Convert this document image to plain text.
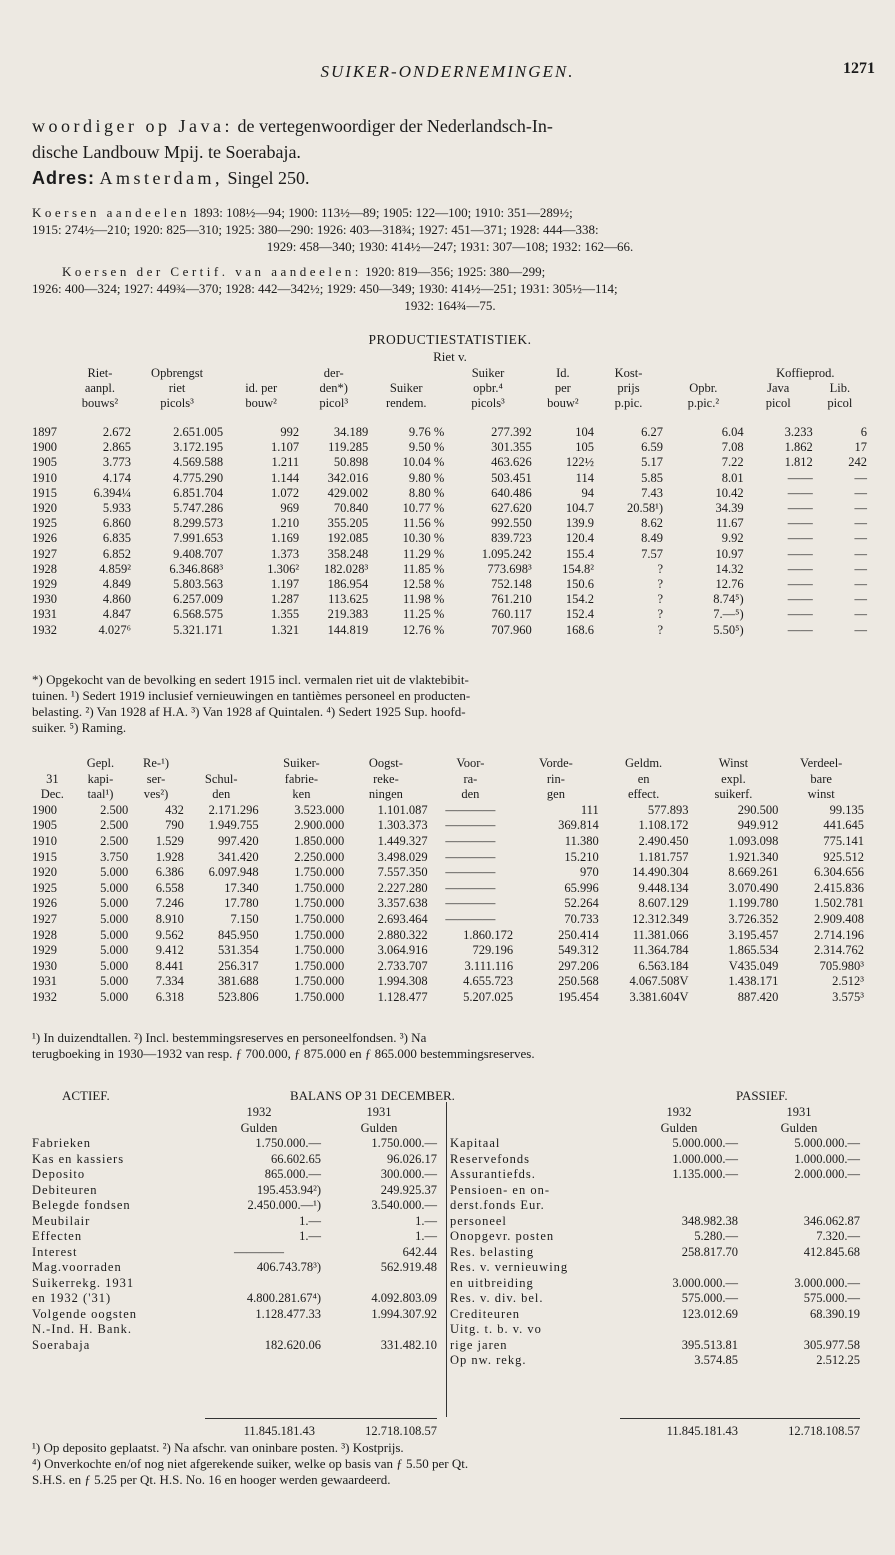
SUIKER-ONDERNEMINGEN.	1271
woordiger op Java: de vertegenwoordiger der Nederlandsch-In-
dische Landbouw Mpij. te Soerabaja.
Adres: Amsterdam, Singel 250.
Koersen aandeelen 1893: 108½—94; 1900: 113½—89; 1905: 122—100; 1910: 351—289½;
1915: 274½—210; 1920: 825—310; 1925: 380—290: 1926: 403—318¾; 1927: 451—371; 1928: 444—338:
1929: 458—340; 1930: 414½—247; 1931: 307—108; 1932: 162—66.
Koersen der Certif. van aandeelen: 1920: 819—356; 1925: 380—299;
1926: 400—324; 1927: 449¾—370; 1928: 442—342½; 1929: 450—349; 1930: 414½—251; 1931: 305½—114;
1932: 164¾—75.
PRODUCTIESTATISTIEK.
Riet v.
	Riet-	Opbrengst		der-		Suiker	Id.	Kost-		Koffieprod.	
	aanpl.	riet	id. per	den*)	Suiker	opbr.⁴	per	prijs	Opbr.	Java	Lib.
	bouws²	picols³	bouw²	picol³	rendem.	picols³	bouw²	p.pic.	p.pic.²	picol	picol
1897	2.672	2.651.005	992	34.189	9.76 %	277.392	104	6.27	6.04	3.233	6
1900	2.865	3.172.195	1.107	119.285	9.50 %	301.355	105	6.59	7.08	1.862	17
1905	3.773	4.569.588	1.211	50.898	10.04 %	463.626	122½	5.17	7.22	1.812	242
1910	4.174	4.775.290	1.144	342.016	9.80 %	503.451	114	5.85	8.01	——	—
1915	6.394¼	6.851.704	1.072	429.002	8.80 %	640.486	94	7.43	10.42	——	—
1920	5.933	5.747.286	969	70.840	10.77 %	627.620	104.7	20.58¹)	34.39	——	—
1925	6.860	8.299.573	1.210	355.205	11.56 %	992.550	139.9	8.62	11.67	——	—
1926	6.835	7.991.653	1.169	192.085	10.30 %	839.723	120.4	8.49	9.92	——	—
1927	6.852	9.408.707	1.373	358.248	11.29 %	1.095.242	155.4	7.57	10.97	——	—
1928	4.859²	6.346.868³	1.306²	182.028³	11.85 %	773.698³	154.8²	?	14.32	——	—
1929	4.849	5.803.563	1.197	186.954	12.58 %	752.148	150.6	?	12.76	——	—
1930	4.860	6.257.009	1.287	113.625	11.98 %	761.210	154.2	?	8.74⁵)	——	—
1931	4.847	6.568.575	1.355	219.383	11.25 %	760.117	152.4	?	7.—⁵)	——	—
1932	4.027⁶	5.321.171	1.321	144.819	12.76 %	707.960	168.6	?	5.50⁵)	——	—
*) Opgekocht van de bevolking en sedert 1915 incl. vermalen riet uit de vlaktebibit-
tuinen. ¹) Sedert 1919 inclusief vernieuwingen en tantièmes personeel en producten-
belasting. ²) Van 1928 af H.A. ³) Van 1928 af Quintalen. ⁴) Sedert 1925 Sup. hoofd-
suiker. ⁵) Raming.
	Gepl.	Re-¹)		Suiker-	Oogst-	Voor-	Vorde-	Geldm.	Winst	Verdeel-
31	kapi-	ser-	Schul-	fabrie-	reke-	ra-	rin-	en	expl.	bare
Dec.	taal¹)	ves²)	den	ken	ningen	den	gen	effect.	suikerf.	winst
1900	2.500	432	2.171.296	3.523.000	1.101.087	————	111	577.893	290.500	99.135
1905	2.500	790	1.949.755	2.900.000	1.303.373	————	369.814	1.108.172	949.912	441.645
1910	2.500	1.529	997.420	1.850.000	1.449.327	————	11.380	2.490.450	1.093.098	775.141
1915	3.750	1.928	341.420	2.250.000	3.498.029	————	15.210	1.181.757	1.921.340	925.512
1920	5.000	6.386	6.097.948	1.750.000	7.557.350	————	970	14.490.304	8.669.261	6.304.656
1925	5.000	6.558	17.340	1.750.000	2.227.280	————	65.996	9.448.134	3.070.490	2.415.836
1926	5.000	7.246	17.780	1.750.000	3.357.638	————	52.264	8.607.129	1.199.780	1.502.781
1927	5.000	8.910	7.150	1.750.000	2.693.464	————	70.733	12.312.349	3.726.352	2.909.408
1928	5.000	9.562	845.950	1.750.000	2.880.322	1.860.172	250.414	11.381.066	3.195.457	2.714.196
1929	5.000	9.412	531.354	1.750.000	3.064.916	729.196	549.312	11.364.784	1.865.534	2.314.762
1930	5.000	8.441	256.317	1.750.000	2.733.707	3.111.116	297.206	6.563.184	V435.049	705.980³
1931	5.000	7.334	381.688	1.750.000	1.994.308	4.655.723	250.568	4.067.508V	1.438.171	2.512³
1932	5.000	6.318	523.806	1.750.000	1.128.477	5.207.025	195.454	3.381.604V	887.420	3.575³
¹) In duizendtallen. ²) Incl. bestemmingsreserves en personeelfondsen. ³) Na
terugboeking in 1930—1932 van resp. ƒ 700.000, ƒ 875.000 en ƒ 865.000 bestemmingsreserves.
ACTIEF.	BALANS OP 31 DECEMBER.	PASSIEF.
	1932	1931
	Gulden	Gulden
Fabrieken	1.750.000.—	1.750.000.—
Kas en kassiers	66.602.65	96.026.17
Deposito	865.000.—	300.000.—
Debiteuren	195.453.94²)	249.925.37
Belegde fondsen	2.450.000.—¹)	3.540.000.—
Meubilair	1.—	1.—
Effecten	1.—	1.—
Interest	————	642.44
Mag.voorraden	406.743.78³)	562.919.48
Suikerrekg. 1931		
en 1932 ('31)	4.800.281.67⁴)	4.092.803.09
Volgende oogsten	1.128.477.33	1.994.307.92
N.-Ind. H. Bank.		
Soerabaja	182.620.06	331.482.10
	1932	1931
	Gulden	Gulden
Kapitaal	5.000.000.—	5.000.000.—
Reservefonds	1.000.000.—	1.000.000.—
Assurantiefds.	1.135.000.—	2.000.000.—
Pensioen- en on-		
derst.fonds Eur.		
personeel	348.982.38	346.062.87
Onopgevr. posten	5.280.—	7.320.—
Res. belasting	258.817.70	412.845.68
Res. v. vernieuwing		
en uitbreiding	3.000.000.—	3.000.000.—
Res. v. div. bel.	575.000.—	575.000.—
Crediteuren	123.012.69	68.390.19
Uitg. t. b. v. vo		
rige jaren	395.513.81	305.977.58
Op nw. rekg.	3.574.85	2.512.25
11.845.181.43	12.718.108.57	11.845.181.43	12.718.108.57
¹) Op deposito geplaatst. ²) Na afschr. van oninbare posten. ³) Kostprijs.
⁴) Onverkochte en/of nog niet afgerekende suiker, welke op basis van ƒ 5.50 per Qt.
S.H.S. en ƒ 5.25 per Qt. H.S. No. 16 en hooger werden gewaardeerd.
